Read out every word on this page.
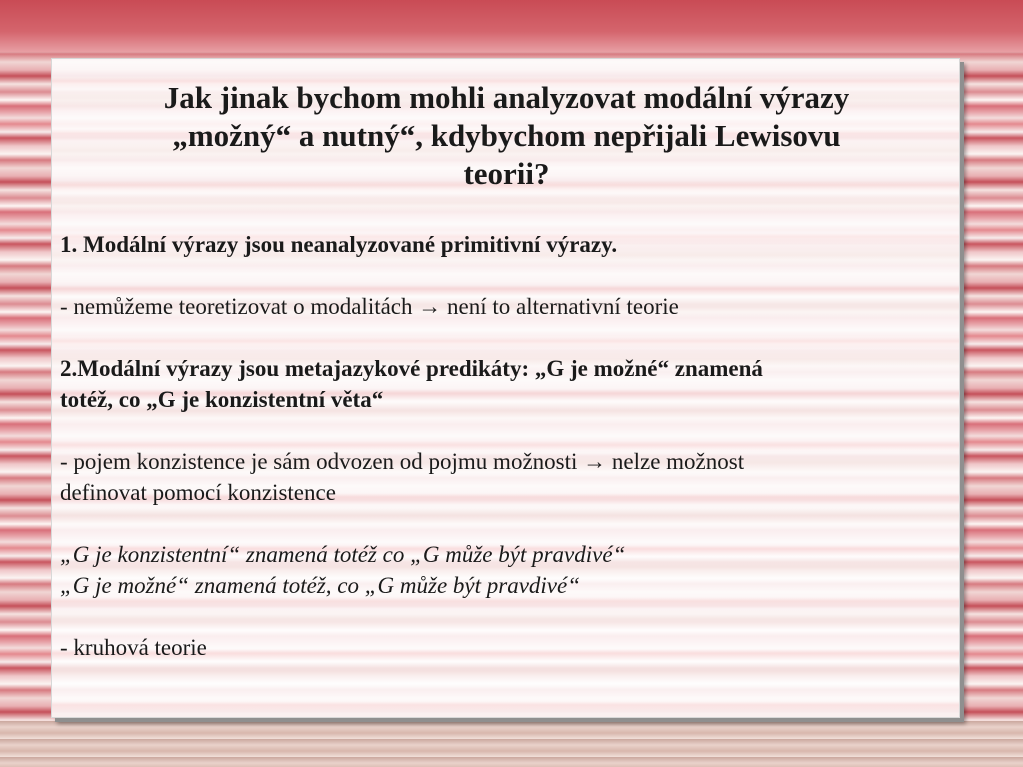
Jak jinak bychom mohli analyzovat modální výrazy
„možný“ a nutný“, kdybychom nepřijali Lewisovu
teorii?

1. Modální výrazy jsou neanalyzované primitivní výrazy.

- nemůžeme teoretizovat o modalitách → není to alternativní teorie

2.Modální výrazy jsou metajazykové predikáty: „G je možné“ znamená

totéž, co „G je konzistentní věta“

- pojem konzistence je sám odvozen od pojmu možnosti → nelze možnost

definovat pomocí konzistence

„G je konzistentní“ znamená totéž co „G může být pravdivé“

„G je možné“ znamená totéž, co „G může být pravdivé“

- kruhová teorie
